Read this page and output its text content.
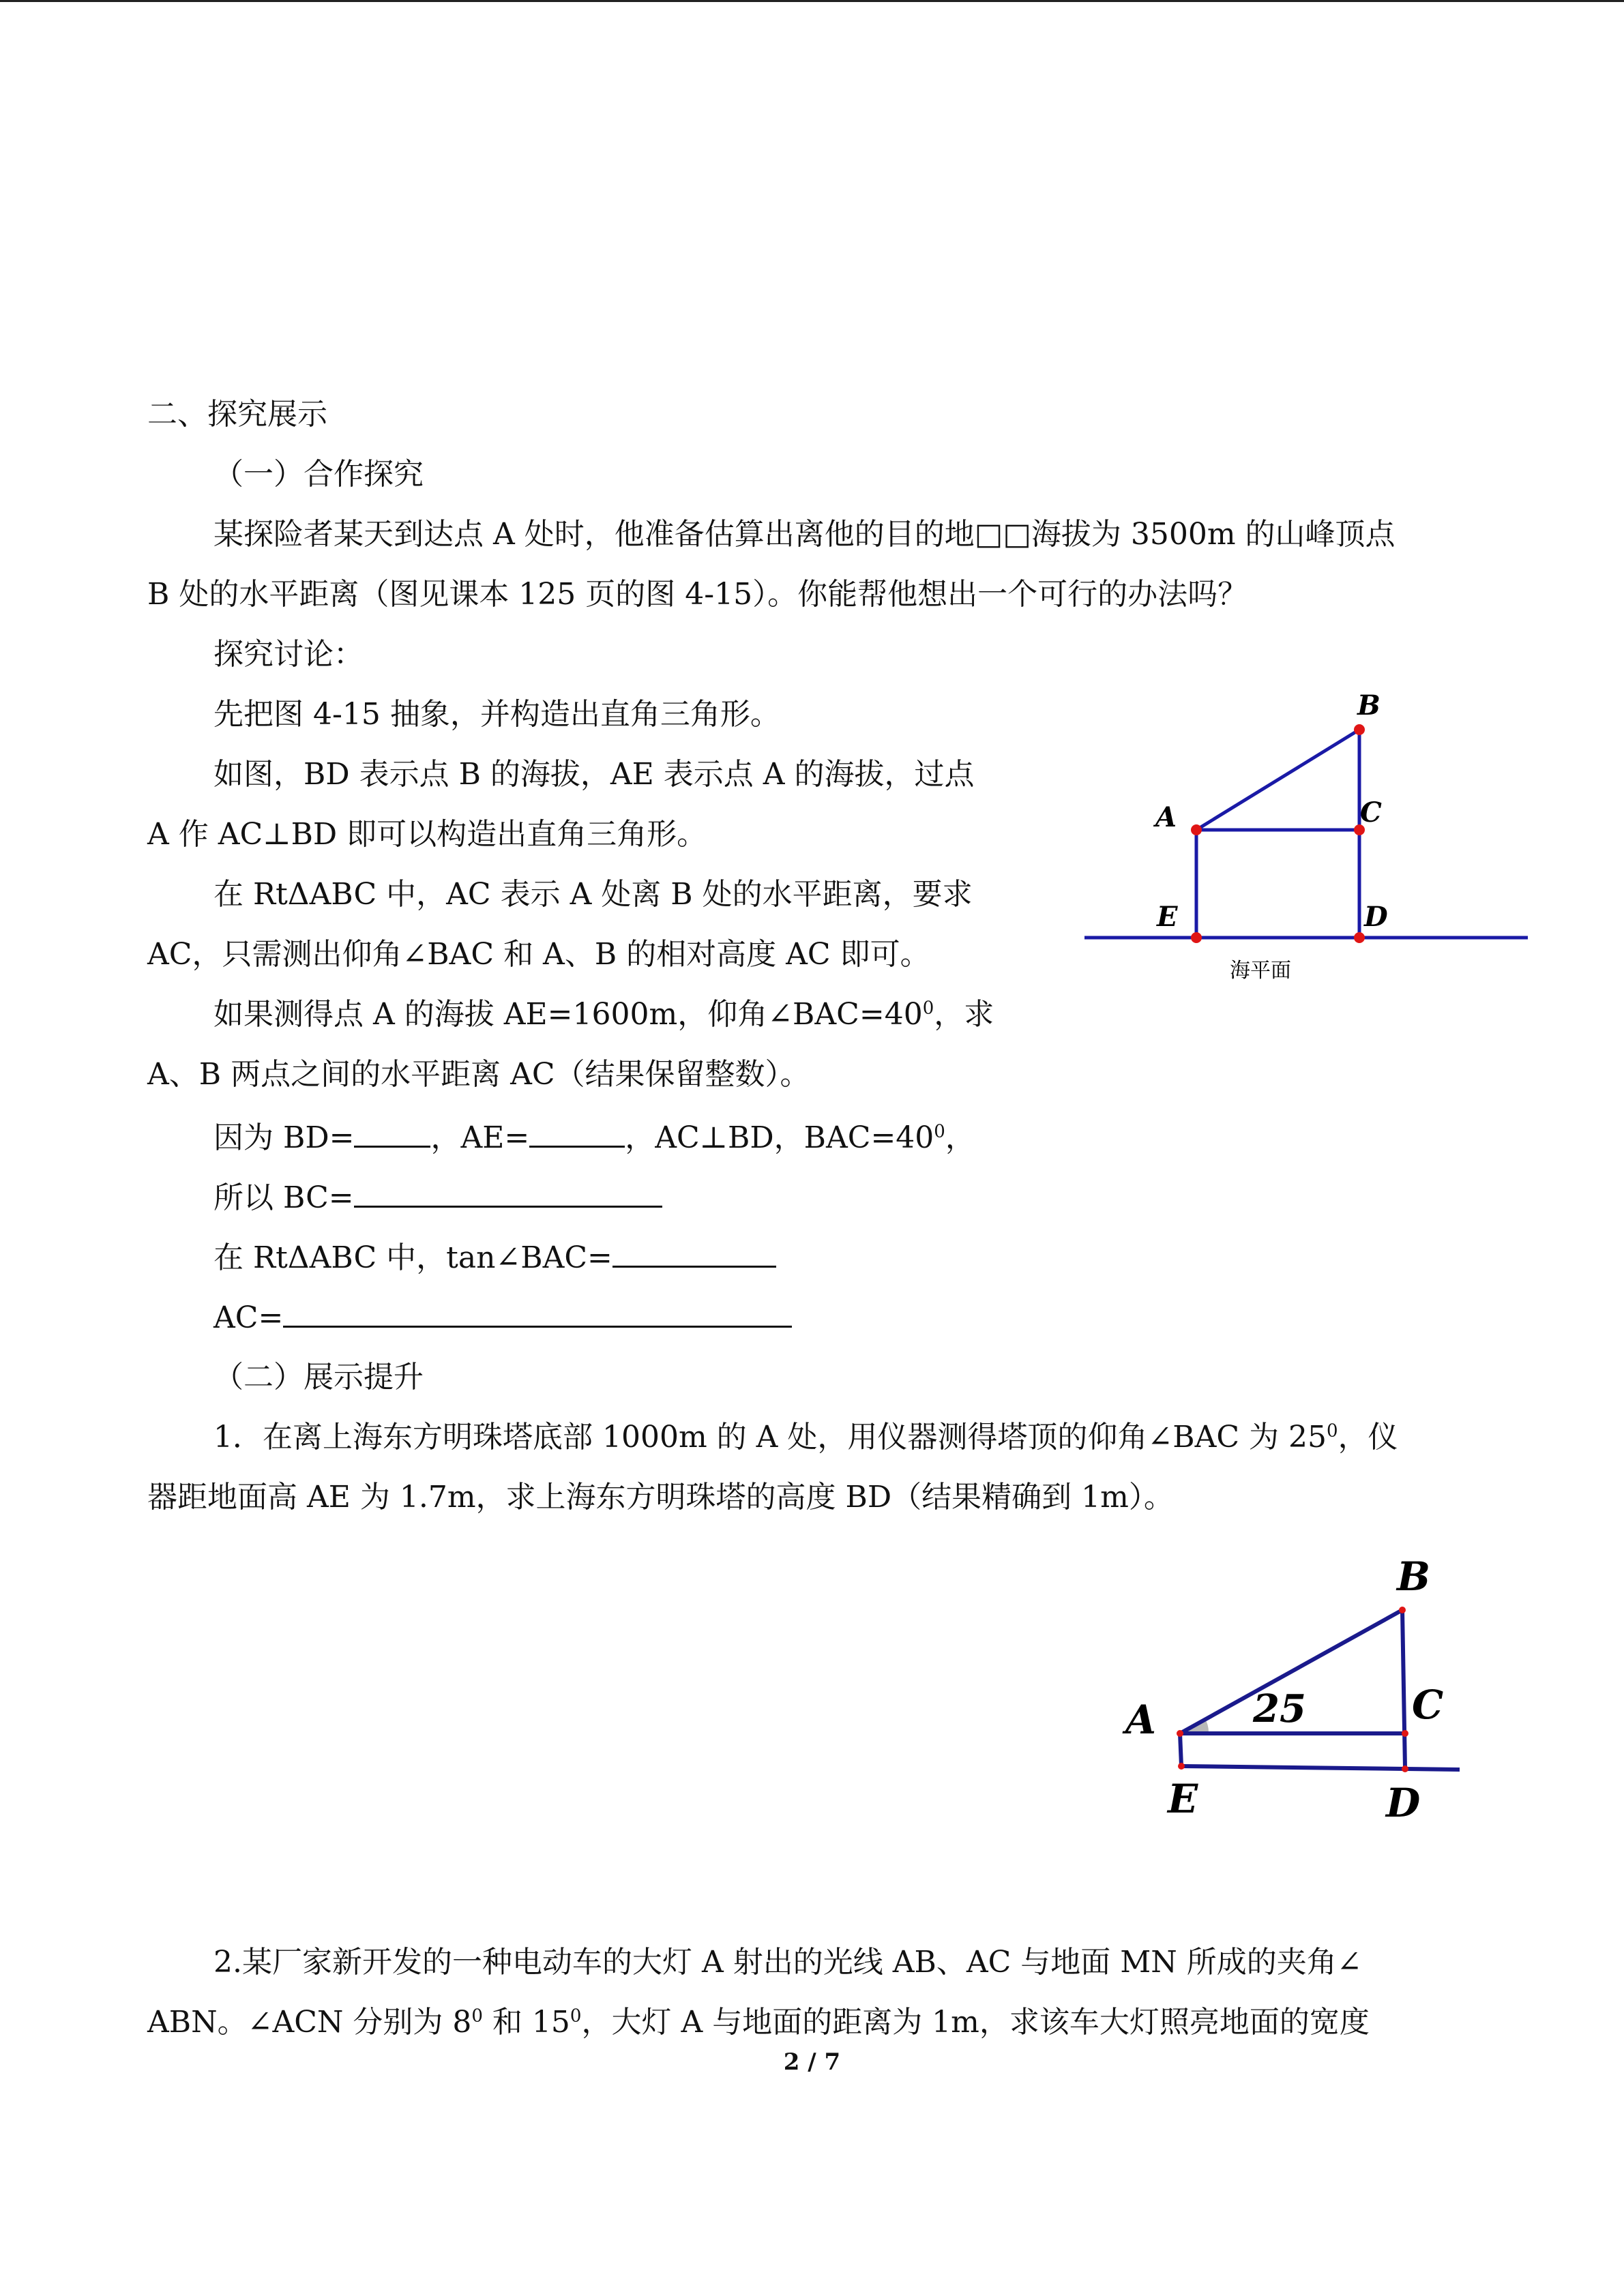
二、探究展示
（一）合作探究
某探险者某天到达点 A 处时，他准备估算出离他的目的地□□海拔为 3500m 的山峰顶点
B 处的水平距离（图见课本 125 页的图 4-15）。你能帮他想出一个可行的办法吗？
探究讨论：
先把图 4-15 抽象，并构造出直角三角形。
如图，BD 表示点 B 的海拔，AE 表示点 A 的海拔，过点
A 作 AC⊥BD 即可以构造出直角三角形。
在 RtΔABC 中，AC 表示 A 处离 B 处的水平距离，要求
AC，只需测出仰角∠BAC 和 A、B 的相对高度 AC 即可。
如果测得点 A 的海拔 AE=1600m，仰角$\angle BAC=40^0$，求
A、B 两点之间的水平距离 AC（结果保留整数）。
因为 BD=	，AE=	，AC⊥BD，$BAC=40^0$，
所以 BC=
在 RtΔABC 中，tan∠BAC=
AC=
（二）展示提升
1．在离上海东方明珠塔底部 1000m 的 A 处，用仪器测得塔顶的仰角∠BAC 为 $25^0$，仪
器距地面高 AE 为 1.7m，求上海东方明珠塔的高度 BD（结果精确到 1m）。
2.某厂家新开发的一种电动车的大灯 A 射出的光线 AB、AC 与地面 MN 所成的夹角∠
ABN。∠ACN 分别为 $8^0$ 和 $15^0$，大灯 A 与地面的距离为 1m，求该车大灯照亮地面的宽度
B
C
A
E	D
海平面
B
C
A
E	D
25
2 / 7
